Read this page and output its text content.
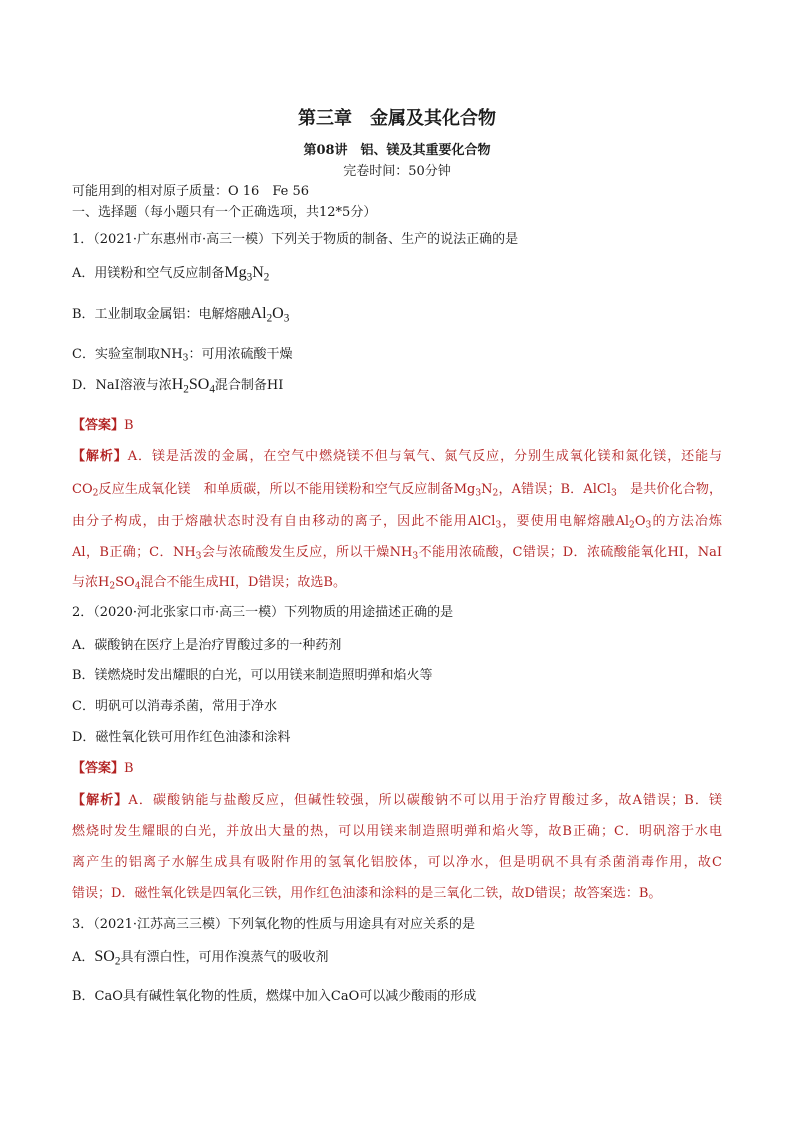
第三章　金属及其化合物
第08讲　铝、镁及其重要化合物
完卷时间：50分钟
可能用到的相对原子质量：O 16　Fe 56
一、选择题（每小题只有一个正确选项，共12*5分）
1．（2021·广东惠州市·高三一模）下列关于物质的制备、生产的说法正确的是
A．用镁粉和空气反应制备$Mg_3N_2$
B．工业制取金属铝：电解熔融$Al_2O_3$
C．实验室制取$NH_3$：可用浓硫酸干燥
D．NaI溶液与浓$H_2SO_4$混合制备HI
【答案】B
【解析】A．镁是活泼的金属，在空气中燃烧镁不但与氧气、氮气反应，分别生成氧化镁和氮化镁，还能与
$CO_2$反应生成氧化镁　和单质碳，所以不能用镁粉和空气反应制备$Mg_3N_2$，A错误；B．AlCl$_3$　是共价化合物，
由分子构成，由于熔融状态时没有自由移动的离子，因此不能用AlCl$_3$，要使用电解熔融$Al_2O_3$的方法冶炼
Al，B正确；C．$NH_3$会与浓硫酸发生反应，所以干燥$NH_3$不能用浓硫酸，C错误；D．浓硫酸能氧化HI，NaI
与浓$H_2SO_4$混合不能生成HI，D错误；故选B。
2．（2020·河北张家口市·高三一模）下列物质的用途描述正确的是
A．碳酸钠在医疗上是治疗胃酸过多的一种药剂
B．镁燃烧时发出耀眼的白光，可以用镁来制造照明弹和焰火等
C．明矾可以消毒杀菌，常用于净水
D．磁性氧化铁可用作红色油漆和涂料
【答案】B
【解析】A．碳酸钠能与盐酸反应，但碱性较强，所以碳酸钠不可以用于治疗胃酸过多，故A错误；B．镁
燃烧时发生耀眼的白光，并放出大量的热，可以用镁来制造照明弹和焰火等，故B正确；C．明矾溶于水电
离产生的铝离子水解生成具有吸附作用的氢氧化铝胶体，可以净水，但是明矾不具有杀菌消毒作用，故C
错误；D．磁性氧化铁是四氧化三铁，用作红色油漆和涂料的是三氧化二铁，故D错误；故答案选：B。
3．（2021·江苏高三三模）下列氧化物的性质与用途具有对应关系的是
A．$SO_2$具有漂白性，可用作溴蒸气的吸收剂
B．CaO具有碱性氧化物的性质，燃煤中加入CaO可以减少酸雨的形成
